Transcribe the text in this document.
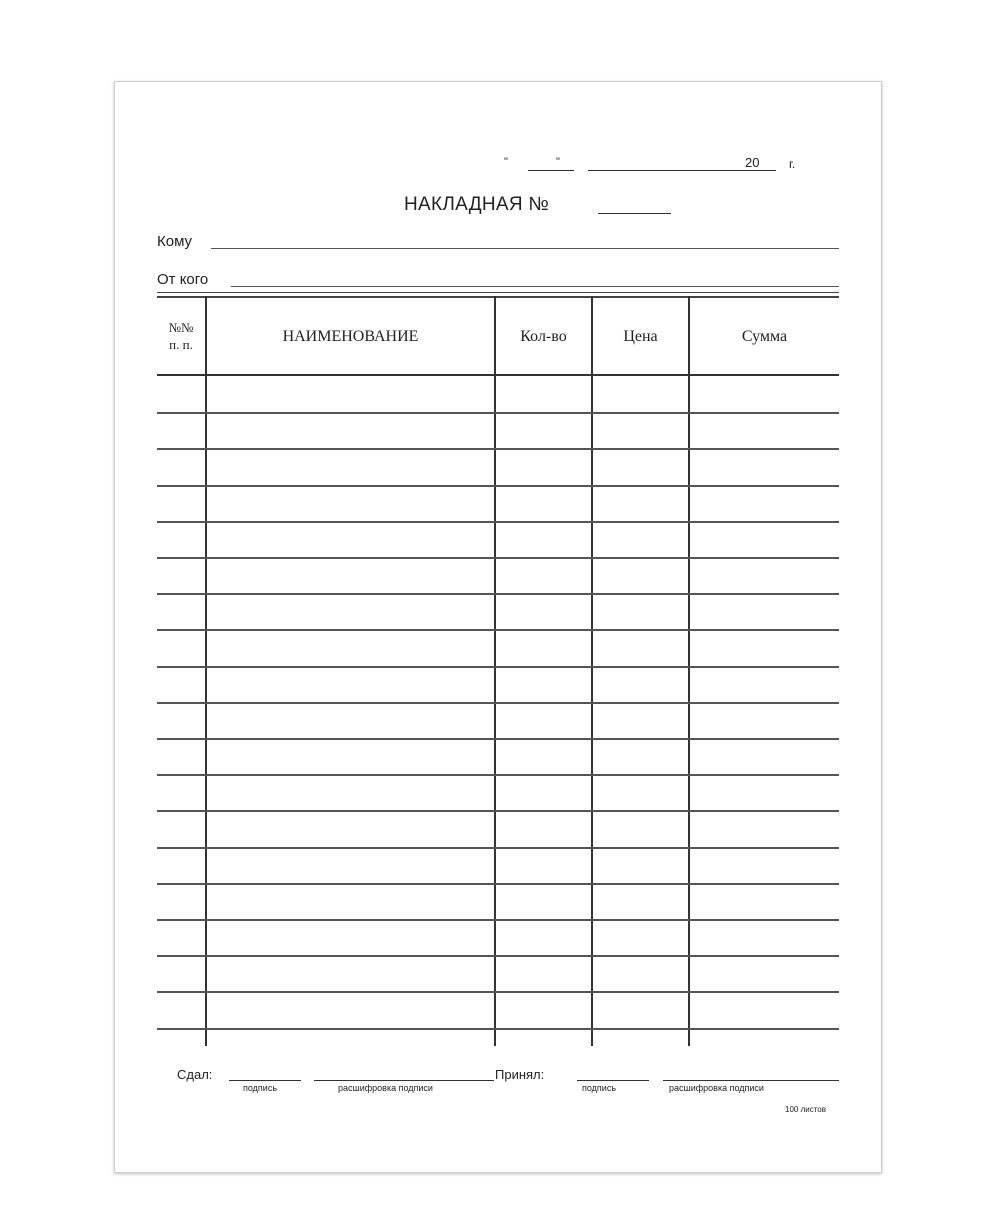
"	"	20 г.
НАКЛАДНАЯ №
Кому
От кого
№№
п. п.	НАИМЕНОВАНИЕ	Кол-во	Цена	Сумма
Сдал:
подпись	расшифровка подписи
Принял:
подпись	расшифровка подписи
100 листов
